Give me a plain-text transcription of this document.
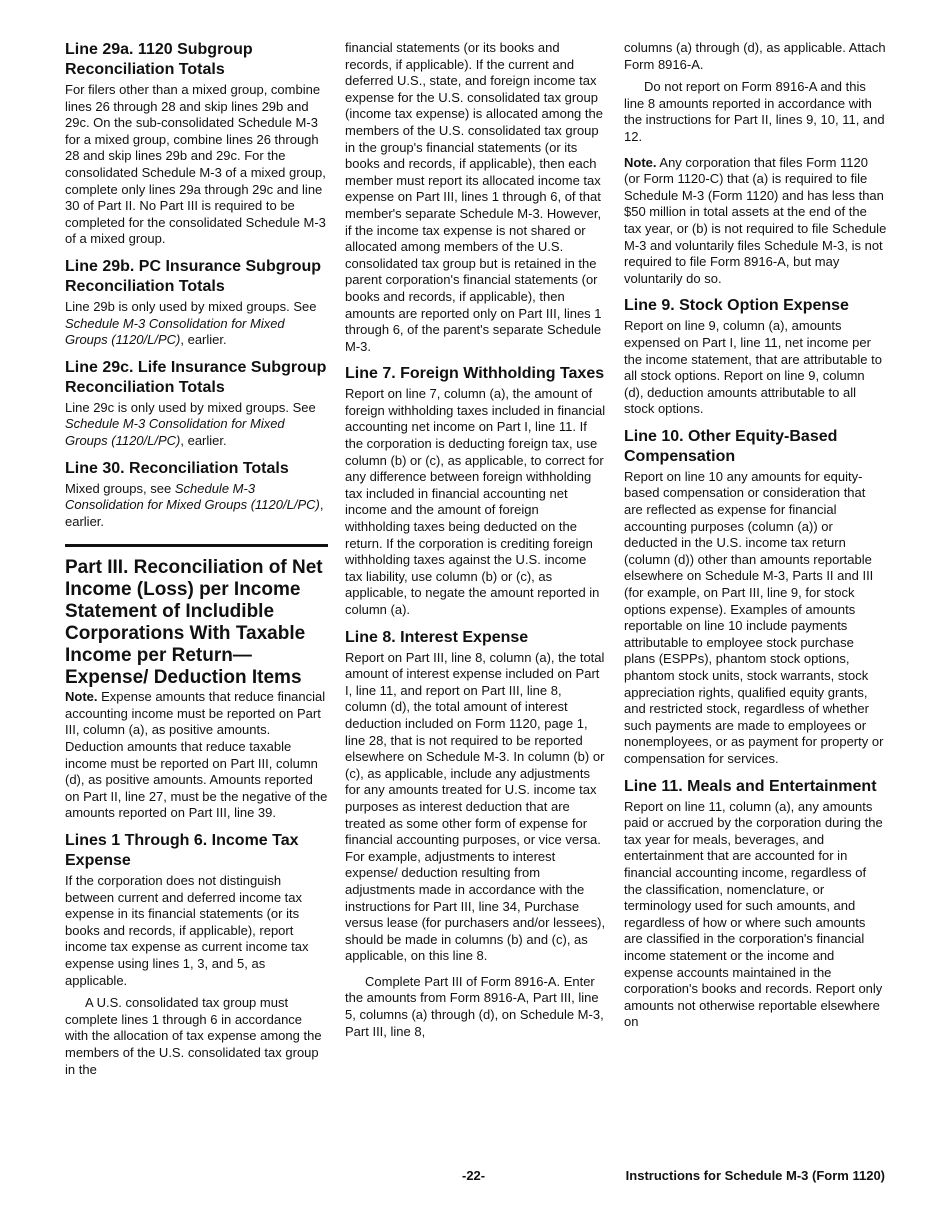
Line 29a. 1120 Subgroup Reconciliation Totals

For filers other than a mixed group, combine lines 26 through 28 and skip lines 29b and 29c. On the sub-consolidated Schedule M-3 for a mixed group, combine lines 26 through 28 and skip lines 29b and 29c. For the consolidated Schedule M-3 of a mixed group, complete only lines 29a through 29c and line 30 of Part II. No Part III is required to be completed for the consolidated Schedule M-3 of a mixed group.

Line 29b. PC Insurance Subgroup Reconciliation Totals

Line 29b is only used by mixed groups. See Schedule M-3 Consolidation for Mixed Groups (1120/L/PC), earlier.

Line 29c. Life Insurance Subgroup Reconciliation Totals

Line 29c is only used by mixed groups. See Schedule M-3 Consolidation for Mixed Groups (1120/L/PC), earlier.

Line 30. Reconciliation Totals

Mixed groups, see Schedule M-3 Consolidation for Mixed Groups (1120/L/PC), earlier.

Part III. Reconciliation of Net Income (Loss) per Income Statement of Includible Corporations With Taxable Income per Return—Expense/ Deduction Items

Note. Expense amounts that reduce financial accounting income must be reported on Part III, column (a), as positive amounts. Deduction amounts that reduce taxable income must be reported on Part III, column (d), as positive amounts. Amounts reported on Part II, line 27, must be the negative of the amounts reported on Part III, line 39.

Lines 1 Through 6. Income Tax Expense

If the corporation does not distinguish between current and deferred income tax expense in its financial statements (or its books and records, if applicable), report income tax expense as current income tax expense using lines 1, 3, and 5, as applicable.

A U.S. consolidated tax group must complete lines 1 through 6 in accordance with the allocation of tax expense among the members of the U.S. consolidated tax group in the

financial statements (or its books and records, if applicable). If the current and deferred U.S., state, and foreign income tax expense for the U.S. consolidated tax group (income tax expense) is allocated among the members of the U.S. consolidated tax group in the group's financial statements (or its books and records, if applicable), then each member must report its allocated income tax expense on Part III, lines 1 through 6, of that member's separate Schedule M-3. However, if the income tax expense is not shared or allocated among members of the U.S. consolidated tax group but is retained in the parent corporation's financial statements (or books and records, if applicable), then amounts are reported only on Part III, lines 1 through 6, of the parent's separate Schedule M-3.

Line 7. Foreign Withholding Taxes

Report on line 7, column (a), the amount of foreign withholding taxes included in financial accounting net income on Part I, line 11. If the corporation is deducting foreign tax, use column (b) or (c), as applicable, to correct for any difference between foreign withholding tax included in financial accounting net income and the amount of foreign withholding taxes being deducted on the return. If the corporation is crediting foreign withholding taxes against the U.S. income tax liability, use column (b) or (c), as applicable, to negate the amount reported in column (a).

Line 8. Interest Expense

Report on Part III, line 8, column (a), the total amount of interest expense included on Part I, line 11, and report on Part III, line 8, column (d), the total amount of interest deduction included on Form 1120, page 1, line 28, that is not required to be reported elsewhere on Schedule M-3. In column (b) or (c), as applicable, include any adjustments for any amounts treated for U.S. income tax purposes as interest deduction that are treated as some other form of expense for financial accounting purposes, or vice versa. For example, adjustments to interest expense/ deduction resulting from adjustments made in accordance with the instructions for Part III, line 34, Purchase versus lease (for purchasers and/or lessees), should be made in columns (b) and (c), as applicable, on this line 8.

Complete Part III of Form 8916-A. Enter the amounts from Form 8916-A, Part III, line 5, columns (a) through (d), on Schedule M-3, Part III, line 8,

columns (a) through (d), as applicable. Attach Form 8916-A.

Do not report on Form 8916-A and this line 8 amounts reported in accordance with the instructions for Part II, lines 9, 10, 11, and 12.

Note. Any corporation that files Form 1120 (or Form 1120-C) that (a) is required to file Schedule M-3 (Form 1120) and has less than $50 million in total assets at the end of the tax year, or (b) is not required to file Schedule M-3 and voluntarily files Schedule M-3, is not required to file Form 8916-A, but may voluntarily do so.

Line 9. Stock Option Expense

Report on line 9, column (a), amounts expensed on Part I, line 11, net income per the income statement, that are attributable to all stock options. Report on line 9, column (d), deduction amounts attributable to all stock options.

Line 10. Other Equity-Based Compensation

Report on line 10 any amounts for equity-based compensation or consideration that are reflected as expense for financial accounting purposes (column (a)) or deducted in the U.S. income tax return (column (d)) other than amounts reportable elsewhere on Schedule M-3, Parts II and III (for example, on Part III, line 9, for stock options expense). Examples of amounts reportable on line 10 include payments attributable to employee stock purchase plans (ESPPs), phantom stock options, phantom stock units, stock warrants, stock appreciation rights, qualified equity grants, and restricted stock, regardless of whether such payments are made to employees or nonemployees, or as payment for property or compensation for services.

Line 11. Meals and Entertainment

Report on line 11, column (a), any amounts paid or accrued by the corporation during the tax year for meals, beverages, and entertainment that are accounted for in financial accounting income, regardless of the classification, nomenclature, or terminology used for such amounts, and regardless of how or where such amounts are classified in the corporation's financial income statement or the income and expense accounts maintained in the corporation's books and records. Report only amounts not otherwise reportable elsewhere on

-22-	Instructions for Schedule M-3 (Form 1120)
